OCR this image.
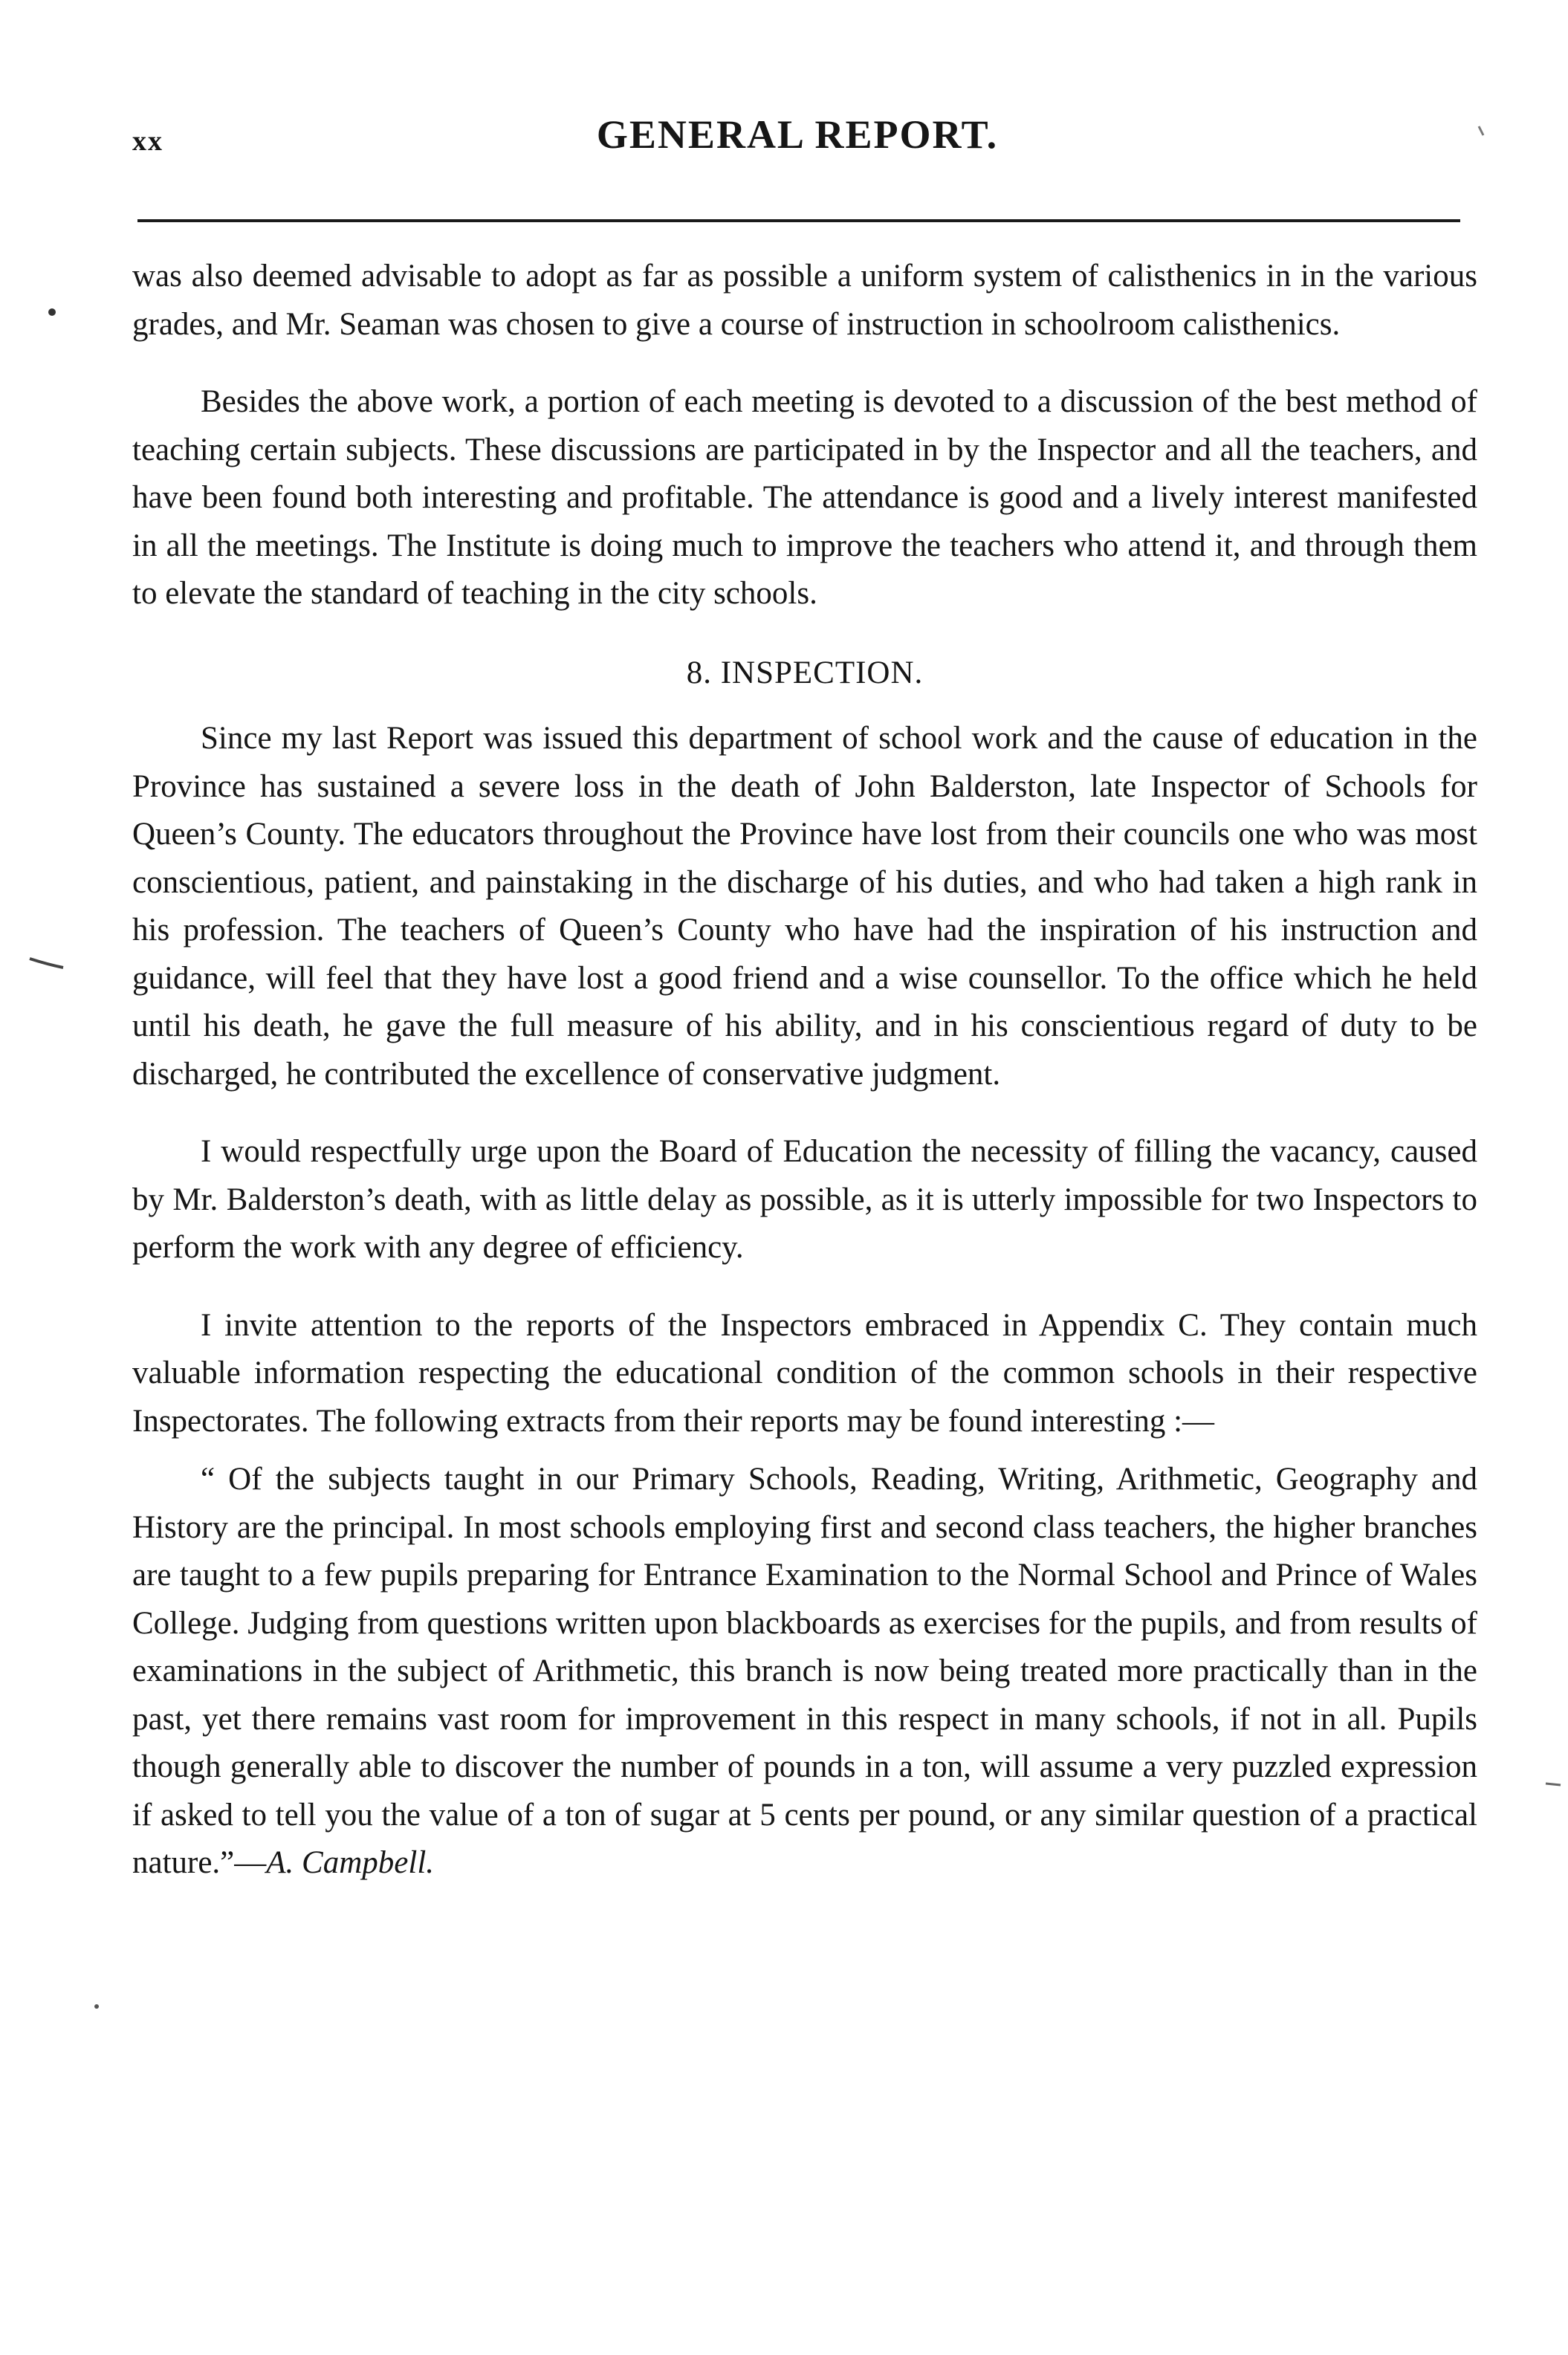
xx	GENERAL REPORT.

was also deemed advisable to adopt as far as possible a uniform system of calisthenics in in the various grades, and Mr. Seaman was chosen to give a course of instruction in schoolroom calisthenics.

Besides the above work, a portion of each meeting is devoted to a discussion of the best method of teaching certain subjects. These discussions are participated in by the Inspector and all the teachers, and have been found both interesting and profitable. The attendance is good and a lively interest manifested in all the meetings. The Institute is doing much to improve the teachers who attend it, and through them to elevate the standard of teaching in the city schools.

8. INSPECTION.

Since my last Report was issued this department of school work and the cause of education in the Province has sustained a severe loss in the death of John Balderston, late Inspector of Schools for Queen’s County. The educators throughout the Province have lost from their councils one who was most conscientious, patient, and painstaking in the discharge of his duties, and who had taken a high rank in his profession. The teachers of Queen’s County who have had the inspiration of his instruction and guidance, will feel that they have lost a good friend and a wise counsellor. To the office which he held until his death, he gave the full measure of his ability, and in his conscientious regard of duty to be discharged, he contributed the excellence of conservative judgment.

I would respectfully urge upon the Board of Education the necessity of filling the vacancy, caused by Mr. Balderston’s death, with as little delay as possible, as it is utterly impossible for two Inspectors to perform the work with any degree of efficiency.

I invite attention to the reports of the Inspectors embraced in Appendix C. They contain much valuable information respecting the educational condition of the common schools in their respective Inspectorates. The following extracts from their reports may be found interesting :—

“ Of the subjects taught in our Primary Schools, Reading, Writing, Arithmetic, Geography and History are the principal. In most schools employing first and second class teachers, the higher branches are taught to a few pupils preparing for Entrance Examination to the Normal School and Prince of Wales College. Judging from questions written upon blackboards as exercises for the pupils, and from results of examinations in the subject of Arithmetic, this branch is now being treated more practically than in the past, yet there remains vast room for improvement in this respect in many schools, if not in all. Pupils though generally able to discover the number of pounds in a ton, will assume a very puzzled expression if asked to tell you the value of a ton of sugar at 5 cents per pound, or any similar question of a practical nature.”—A. Campbell.
